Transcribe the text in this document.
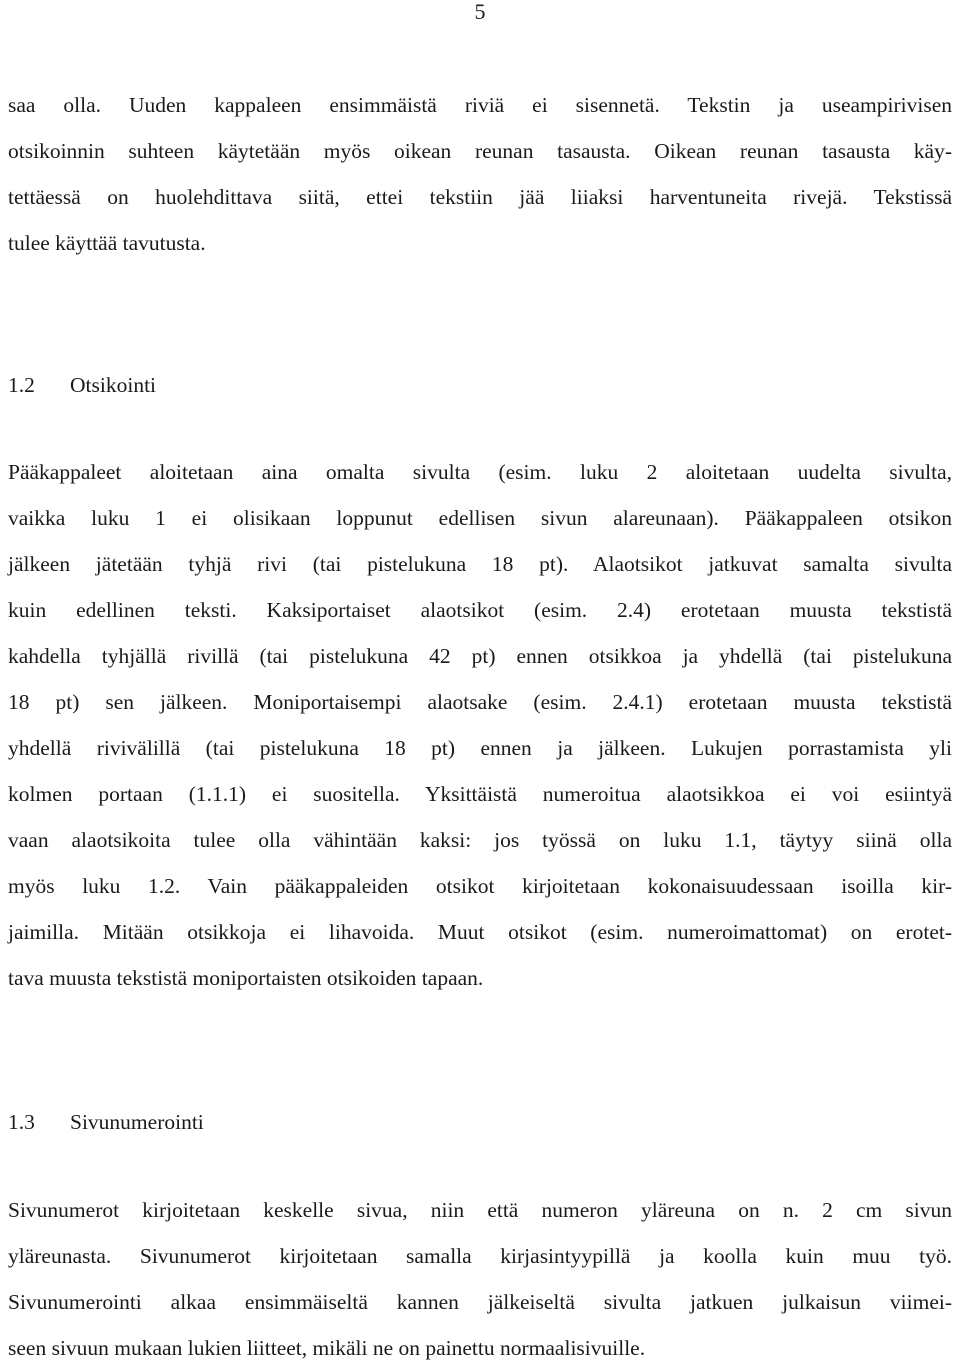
5
saa olla. Uuden kappaleen ensimmäistä riviä ei sisennetä. Tekstin ja useampirivisen
otsikoinnin suhteen käytetään myös oikean reunan tasausta. Oikean reunan tasausta käy-
tettäessä on huolehdittava siitä, ettei tekstiin jää liiaksi harventuneita rivejä. Tekstissä
tulee käyttää tavutusta.
1.2 Otsikointi
Pääkappaleet aloitetaan aina omalta sivulta (esim. luku 2 aloitetaan uudelta sivulta,
vaikka luku 1 ei olisikaan loppunut edellisen sivun alareunaan). Pääkappaleen otsikon
jälkeen jätetään tyhjä rivi (tai pistelukuna 18 pt). Alaotsikot jatkuvat samalta sivulta
kuin edellinen teksti. Kaksiportaiset alaotsikot (esim. 2.4) erotetaan muusta tekstistä
kahdella tyhjällä rivillä (tai pistelukuna 42 pt) ennen otsikkoa ja yhdellä (tai pistelukuna
18 pt) sen jälkeen. Moniportaisempi alaotsake (esim. 2.4.1) erotetaan muusta tekstistä
yhdellä rivivälillä (tai pistelukuna 18 pt) ennen ja jälkeen. Lukujen porrastamista yli
kolmen portaan (1.1.1) ei suositella. Yksittäistä numeroitua alaotsikkoa ei voi esiintyä
vaan alaotsikoita tulee olla vähintään kaksi: jos työssä on luku 1.1, täytyy siinä olla
myös luku 1.2. Vain pääkappaleiden otsikot kirjoitetaan kokonaisuudessaan isoilla kir-
jaimilla. Mitään otsikkoja ei lihavoida. Muut otsikot (esim. numeroimattomat) on erotet-
tava muusta tekstistä moniportaisten otsikoiden tapaan.
1.3 Sivunumerointi
Sivunumerot kirjoitetaan keskelle sivua, niin että numeron yläreuna on n. 2 cm sivun
yläreunasta. Sivunumerot kirjoitetaan samalla kirjasintyypillä ja koolla kuin muu työ.
Sivunumerointi alkaa ensimmäiseltä kannen jälkeiseltä sivulta jatkuen julkaisun viimei-
seen sivuun mukaan lukien liitteet, mikäli ne on painettu normaalisivuille.
